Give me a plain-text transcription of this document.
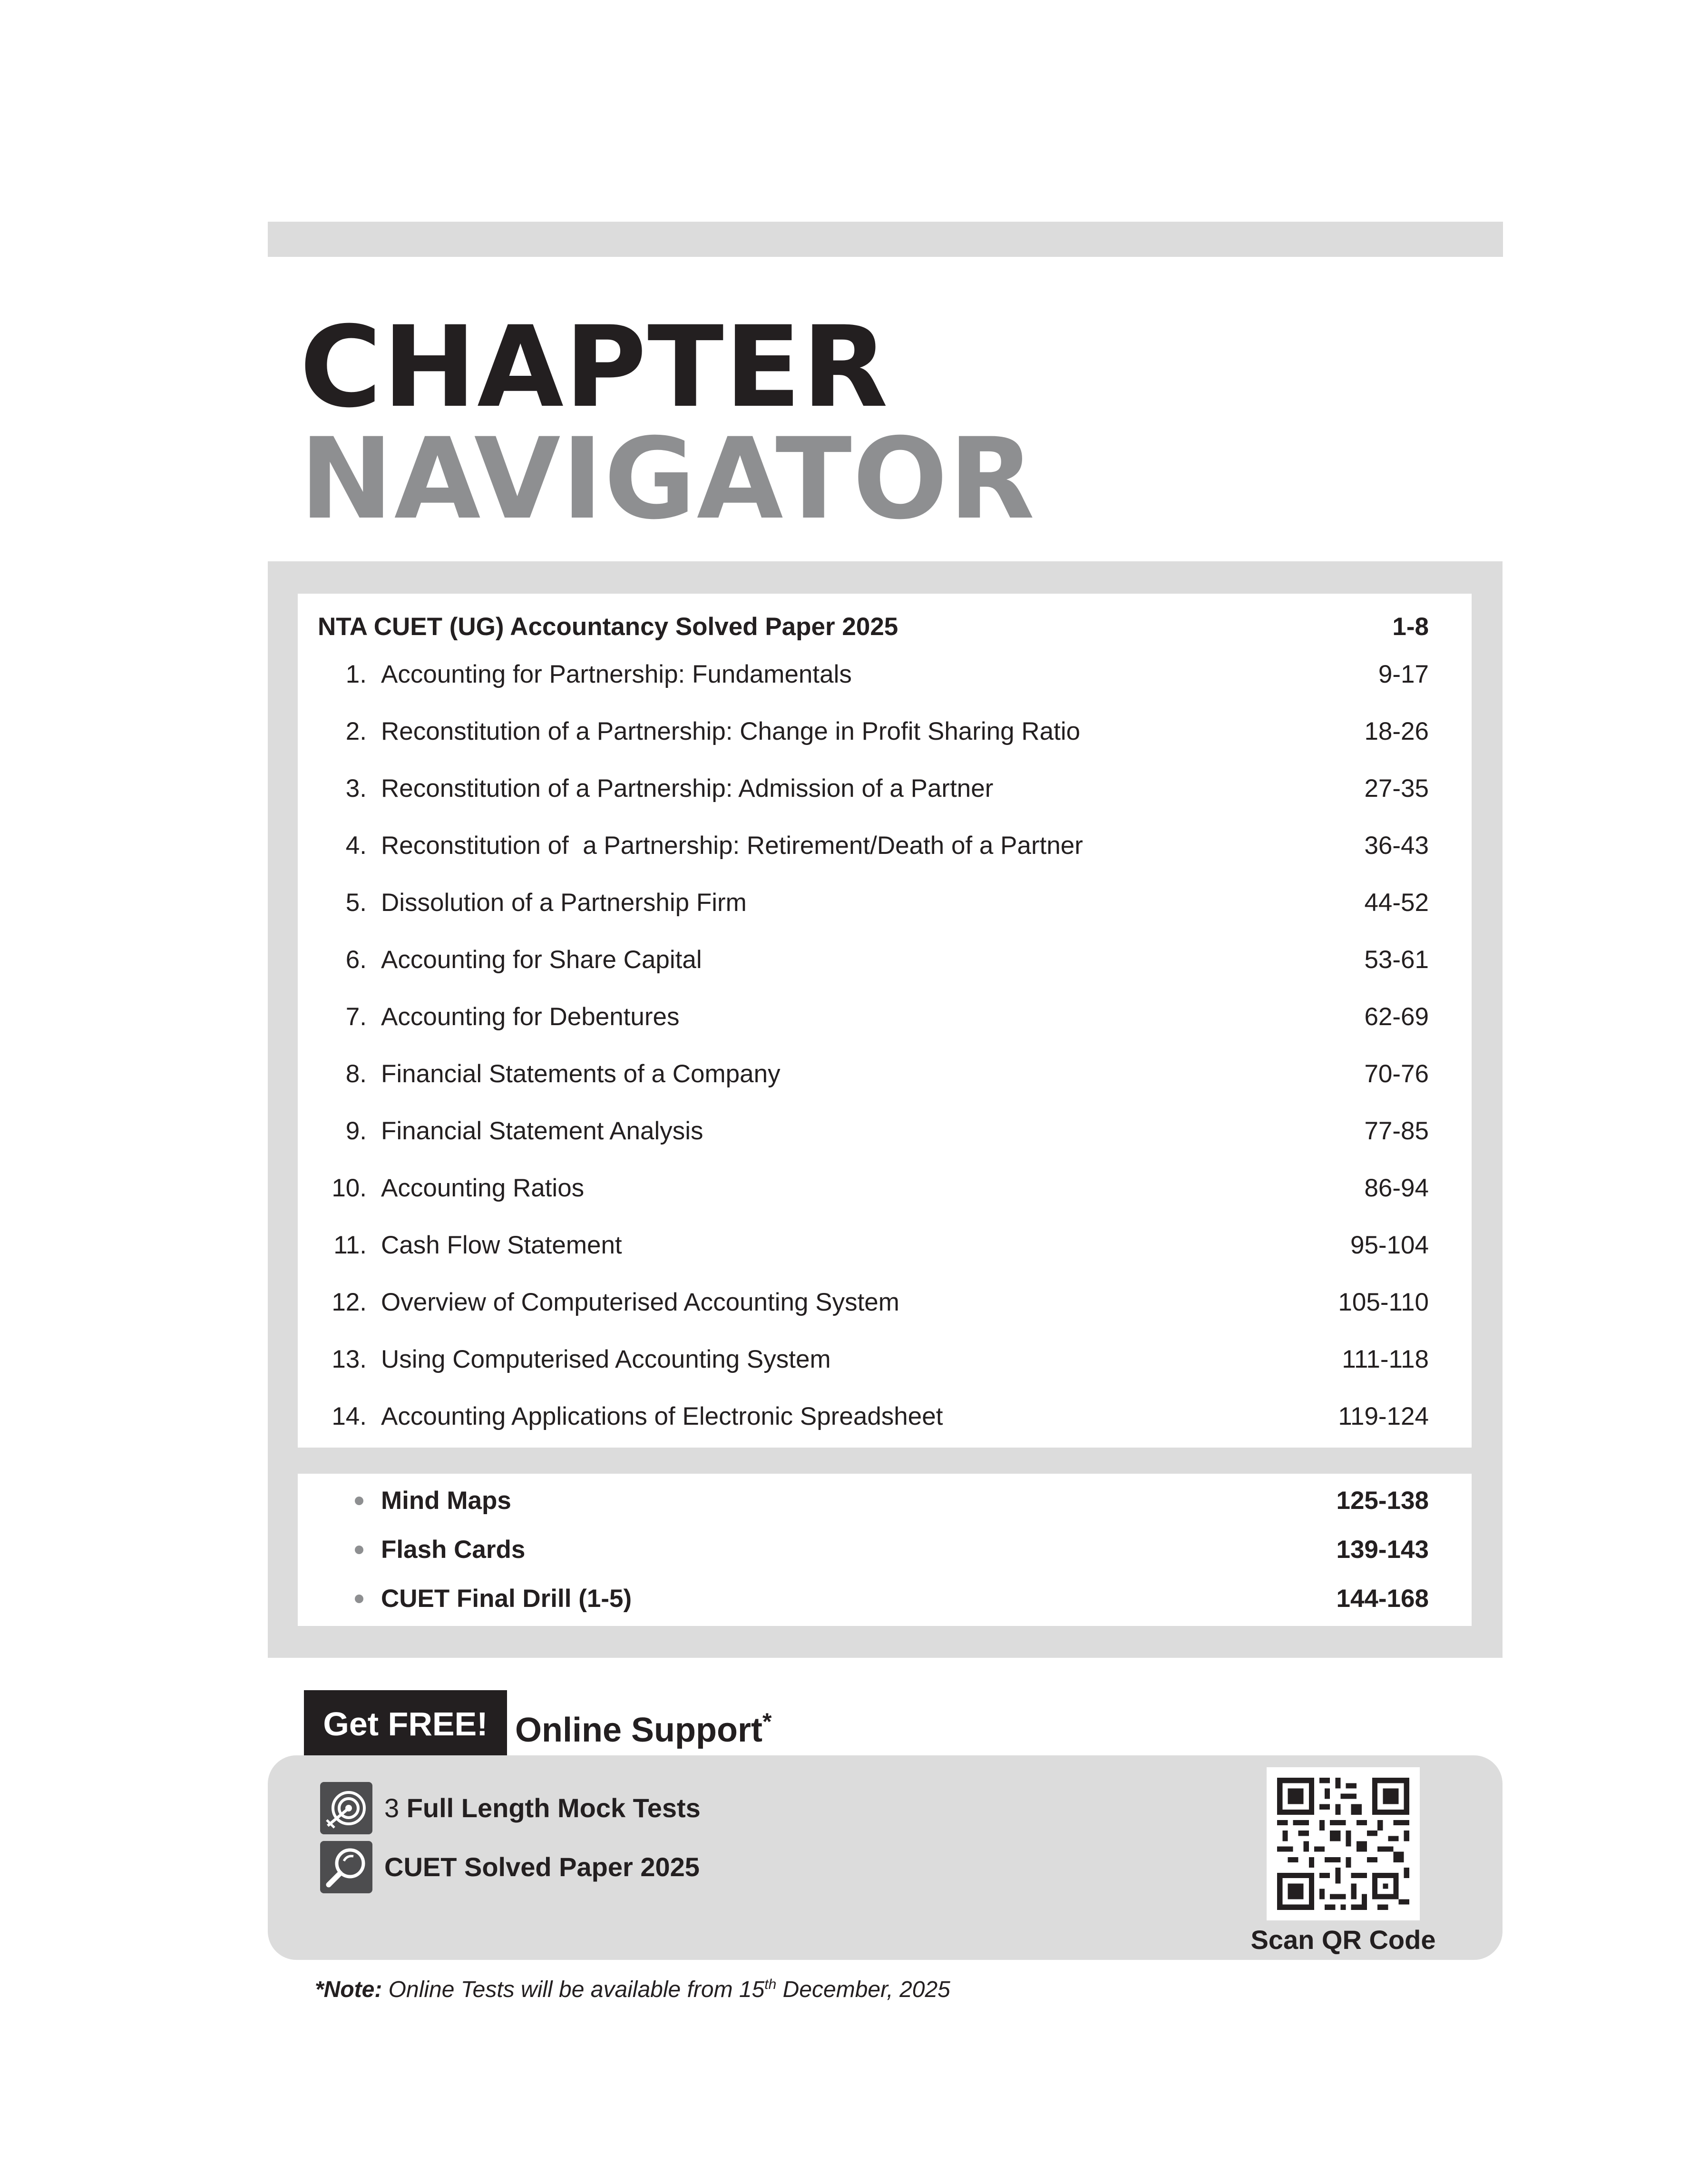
CHAPTER
NAVIGATOR
NTA CUET (UG) Accountancy Solved Paper 2025	1-8
1. Accounting for Partnership: Fundamentals	9-17
2. Reconstitution of a Partnership: Change in Profit Sharing Ratio	18-26
3. Reconstitution of a Partnership: Admission of a Partner	27-35
4. Reconstitution of  a Partnership: Retirement/Death of a Partner	36-43
5. Dissolution of a Partnership Firm	44-52
6. Accounting for Share Capital	53-61
7. Accounting for Debentures	62-69
8. Financial Statements of a Company	70-76
9. Financial Statement Analysis	77-85
10. Accounting Ratios	86-94
11. Cash Flow Statement	95-104
12. Overview of Computerised Accounting System	105-110
13. Using Computerised Accounting System	111-118
14. Accounting Applications of Electronic Spreadsheet	119-124
Mind Maps	125-138
Flash Cards	139-143
CUET Final Drill (1-5)	144-168
Get FREE! Online Support*
3 Full Length Mock Tests
CUET Solved Paper 2025
Scan QR Code
*Note: Online Tests will be available from 15th December, 2025
